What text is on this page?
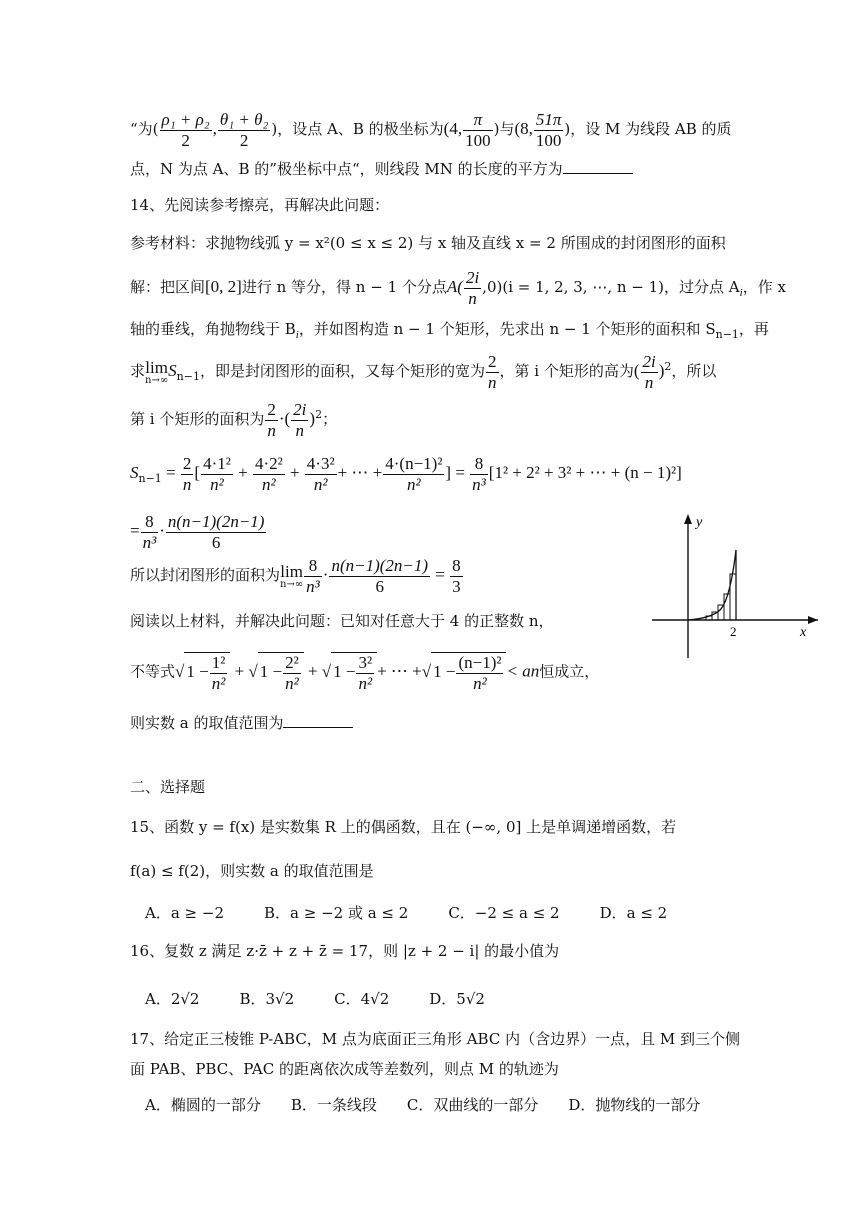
“为( $\frac{\text{ρ₁ + ρ₂}}{2}$ , $\frac{\text{θ₁ + θ₂}}{2}$ )，设点 A、B 的极坐标为(4, $\frac{\pi}{100}$ )与(8, $\frac{51\pi}{100}$ )，设 M 为线段 AB 的质
点，N 为点 A、B 的”极坐标中点“，则线段 MN 的长度的平方为
14、先阅读参考擦亮，再解决此问题：
参考材料：求抛物线弧 y = x²(0 ≤ x ≤ 2) 与 x 轴及直线 x = 2 所围成的封闭图形的面积
解：把区间[0, 2]进行 n 等分，得 n − 1 个分点$A( \frac{2i}{n} ,0)(i = 1$, 2, 3, ⋯, n − 1)，过分点 $A_i$，作 x
轴的垂线，角抛物线于 $B_i$，并如图构造 n − 1 个矩形，先求出 n − 1 个矩形的面积和 $S_{n-1}$，再
求lim
n→∞ $S_{n-1}$，即是封闭图形的面积，又每个矩形的宽为 $\frac{2}{n}$ ，第 i 个矩形的高为( $\frac{2i}{n} )^2$，所以
第 i 个矩形的面积为 $\frac{2}{n}$ ·( $\frac{2i}{n} )^2$；
$S_{n-1} = \frac{2}{n}$ [ $\frac{\text{4·1²}}{\text{n²}} + \frac{\text{4·2²}}{\text{n²}} + \frac{\text{4·3²}}{\text{n²}}$ + ⋯ + $\frac{\text{4·(n−1)²}}{\text{n²}}$ ] = $\frac{8}{\text{n³}} [1^2 + 2^2 + 3^2$ + ⋯ + (n − 1)²]
= $\frac{8}{\text{n³}} \cdot \frac{n(n-1)(2n-1)}{6}$
所以封闭图形的面积为lim
$n\to\infty \frac{8}{\text{n³}} \cdot \frac{n(n-1)(2n-1)}{6} = \frac{8}{3}$
阅读以上材料，并解决此问题：已知对任意大于 4 的正整数 n，
不等式√ $1 - \frac{\text{1²}}{\text{n²}}$ + √ $1 - \frac{\text{2²}}{\text{n²}}$ + √ $1 - \frac{\text{3²}}{\text{n²}}$ + ⋯ +√ $1 - \frac{\text{(n−1)²}}{\text{n²}}$ < an恒成立，
则实数 a 的取值范围为
y
x
2
二、选择题
15、函数 y = f(x) 是实数集 R 上的偶函数，且在 (−∞, 0] 上是单调递增函数，若
f(a) ≤ f(2)，则实数 a 的取值范围是
A．a ≥ −2	B．a ≥ −2 或 a ≤ 2	C．−2 ≤ a ≤ 2	D．a ≤ 2
16、复数 z 满足 z·z̄ + z + z̄ = 17，则 |z + 2 − i| 的最小值为
A．2√2	B．3√2	C．4√2	D．5√2
17、给定正三棱锥 P-ABC，M 点为底面正三角形 ABC 内（含边界）一点，且 M 到三个侧
面 PAB、PBC、PAC 的距离依次成等差数列，则点 M 的轨迹为
A．椭圆的一部分 B．一条线段 C．双曲线的一部分 D．抛物线的一部分
